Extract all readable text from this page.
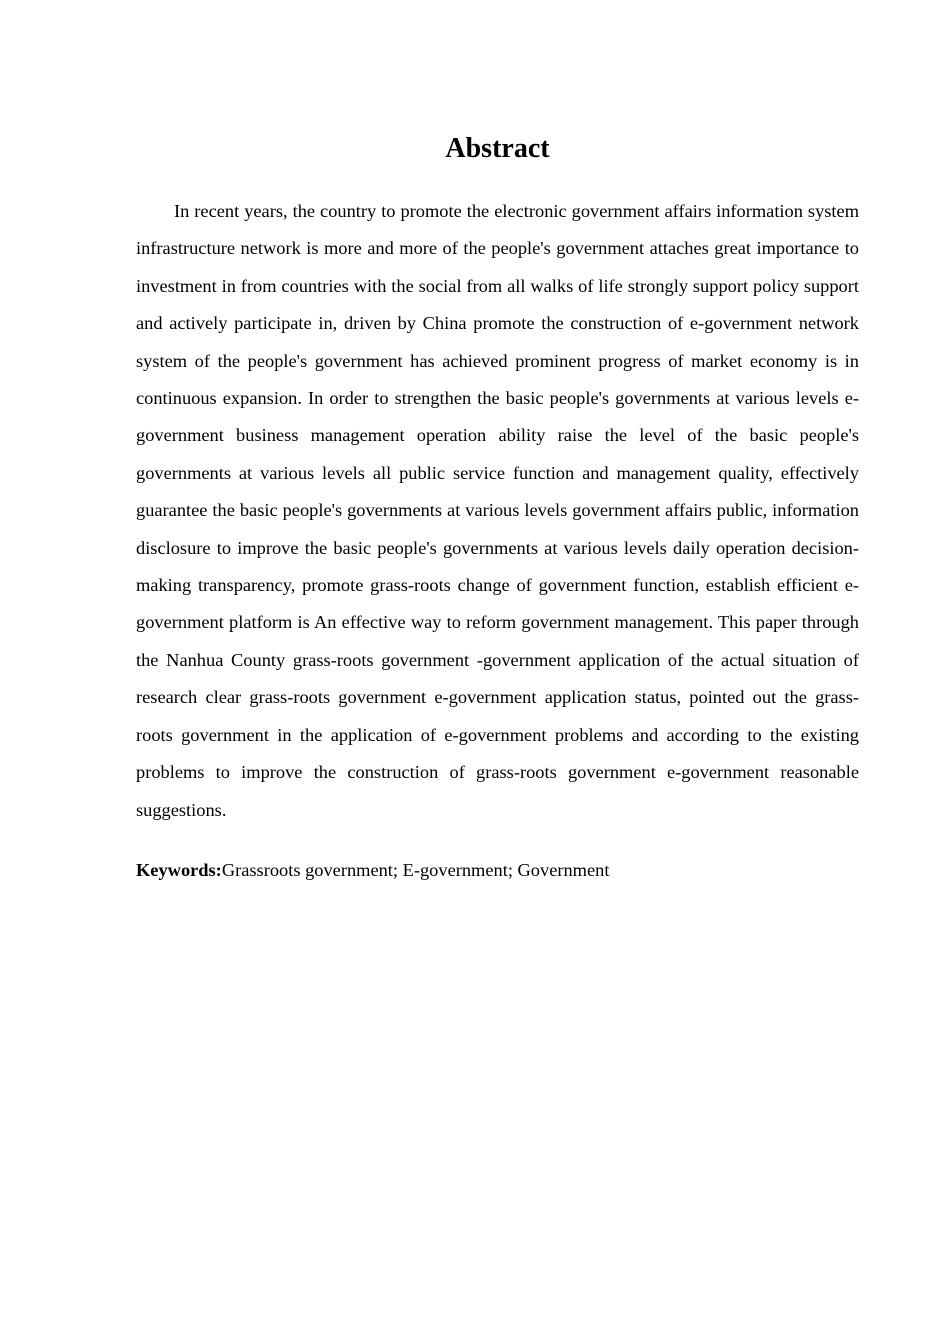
Abstract

In recent years, the country to promote the electronic government affairs information system infrastructure network is more and more of the people's government attaches great importance to investment in from countries with the social from all walks of life strongly support policy support and actively participate in, driven by China promote the construction of e-government network system of the people's government has achieved prominent progress of market economy is in continuous expansion. In order to strengthen the basic people's governments at various levels e-government business management operation ability raise the level of the basic people's governments at various levels all public service function and management quality, effectively guarantee the basic people's governments at various levels government affairs public, information disclosure to improve the basic people's governments at various levels daily operation decision-making transparency, promote grass-roots change of government function, establish efficient e-government platform is An effective way to reform government management. This paper through the Nanhua County grass-roots government -government application of the actual situation of research clear grass-roots government e-government application status, pointed out the grass-roots government in the application of e-government problems and according to the existing problems to improve the construction of grass-roots government e-government reasonable suggestions.

Keywords:Grassroots government; E-government; Government
